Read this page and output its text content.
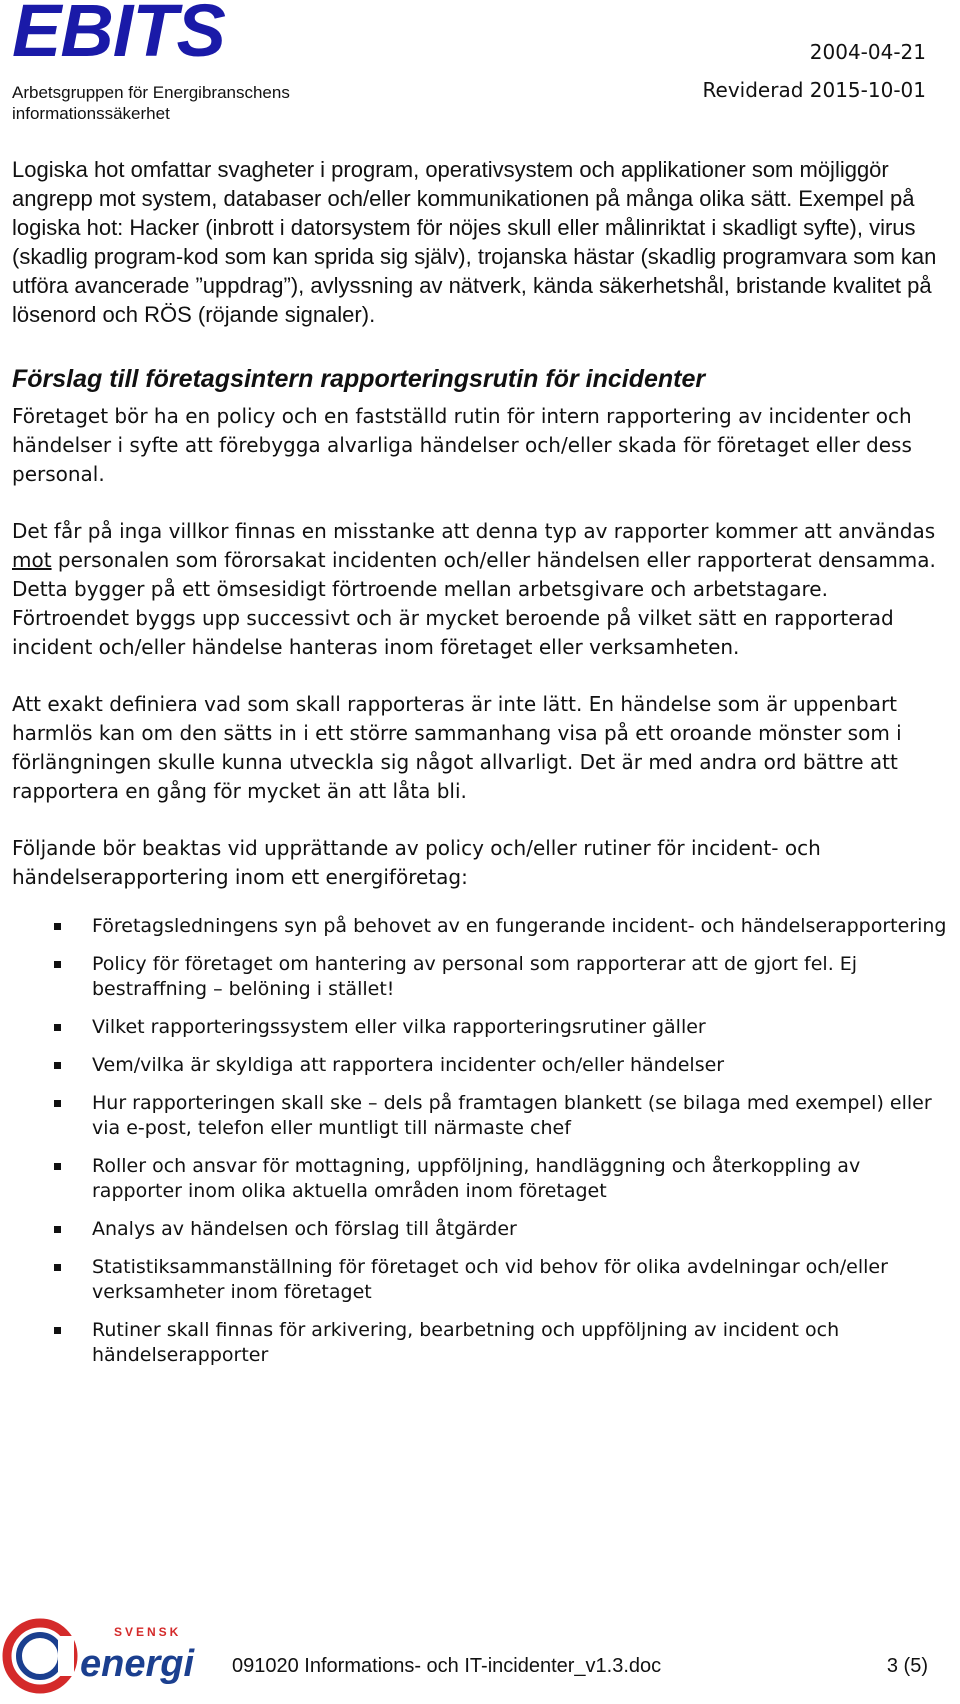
EBITS
Arbetsgruppen för Energibranschens
informationssäkerhet
2004-04-21
Reviderad 2015-10-01

Logiska hot omfattar svagheter i program, operativsystem och applikationer som möjliggör angrepp mot system, databaser och/eller kommunikationen på många olika sätt. Exempel på logiska hot: Hacker (inbrott i datorsystem för nöjes skull eller målinriktat i skadligt syfte), virus (skadlig program-kod som kan sprida sig själv), trojanska hästar (skadlig programvara som kan utföra avancerade ”uppdrag”), avlyssning av nätverk, kända säkerhetshål, bristande kvalitet på lösenord och RÖS (röjande signaler).

Förslag till företagsintern rapporteringsrutin för incidenter

Företaget bör ha en policy och en fastställd rutin för intern rapportering av incidenter och händelser i syfte att förebygga alvarliga händelser och/eller skada för företaget eller dess personal.

Det får på inga villkor finnas en misstanke att denna typ av rapporter kommer att användas mot personalen som förorsakat incidenten och/eller händelsen eller rapporterat densamma. Detta bygger på ett ömsesidigt förtroende mellan arbetsgivare och arbetstagare. Förtroendet byggs upp successivt och är mycket beroende på vilket sätt en rapporterad incident och/eller händelse hanteras inom företaget eller verksamheten.

Att exakt definiera vad som skall rapporteras är inte lätt. En händelse som är uppenbart harmlös kan om den sätts in i ett större sammanhang visa på ett oroande mönster som i förlängningen skulle kunna utveckla sig något allvarligt. Det är med andra ord bättre att rapportera en gång för mycket än att låta bli.

Följande bör beaktas vid upprättande av policy och/eller rutiner för incident- och händelserapportering inom ett energiföretag:

Företagsledningens syn på behovet av en fungerande incident- och händelserapportering
Policy för företaget om hantering av personal som rapporterar att de gjort fel. Ej bestraffning – belöning i stället!
Vilket rapporteringssystem eller vilka rapporteringsrutiner gäller
Vem/vilka är skyldiga att rapportera incidenter och/eller händelser
Hur rapporteringen skall ske – dels på framtagen blankett (se bilaga med exempel) eller via e-post, telefon eller muntligt till närmaste chef
Roller och ansvar för mottagning, uppföljning, handläggning och återkoppling av rapporter inom olika aktuella områden inom företaget
Analys av händelsen och förslag till åtgärder
Statistiksammanställning för företaget och vid behov för olika avdelningar och/eller verksamheter inom företaget
Rutiner skall finnas för arkivering, bearbetning och uppföljning av incident och händelserapporter
SVENSK
energi 091020 Informations- och IT-incidenter_v1.3.doc	3 (5)
